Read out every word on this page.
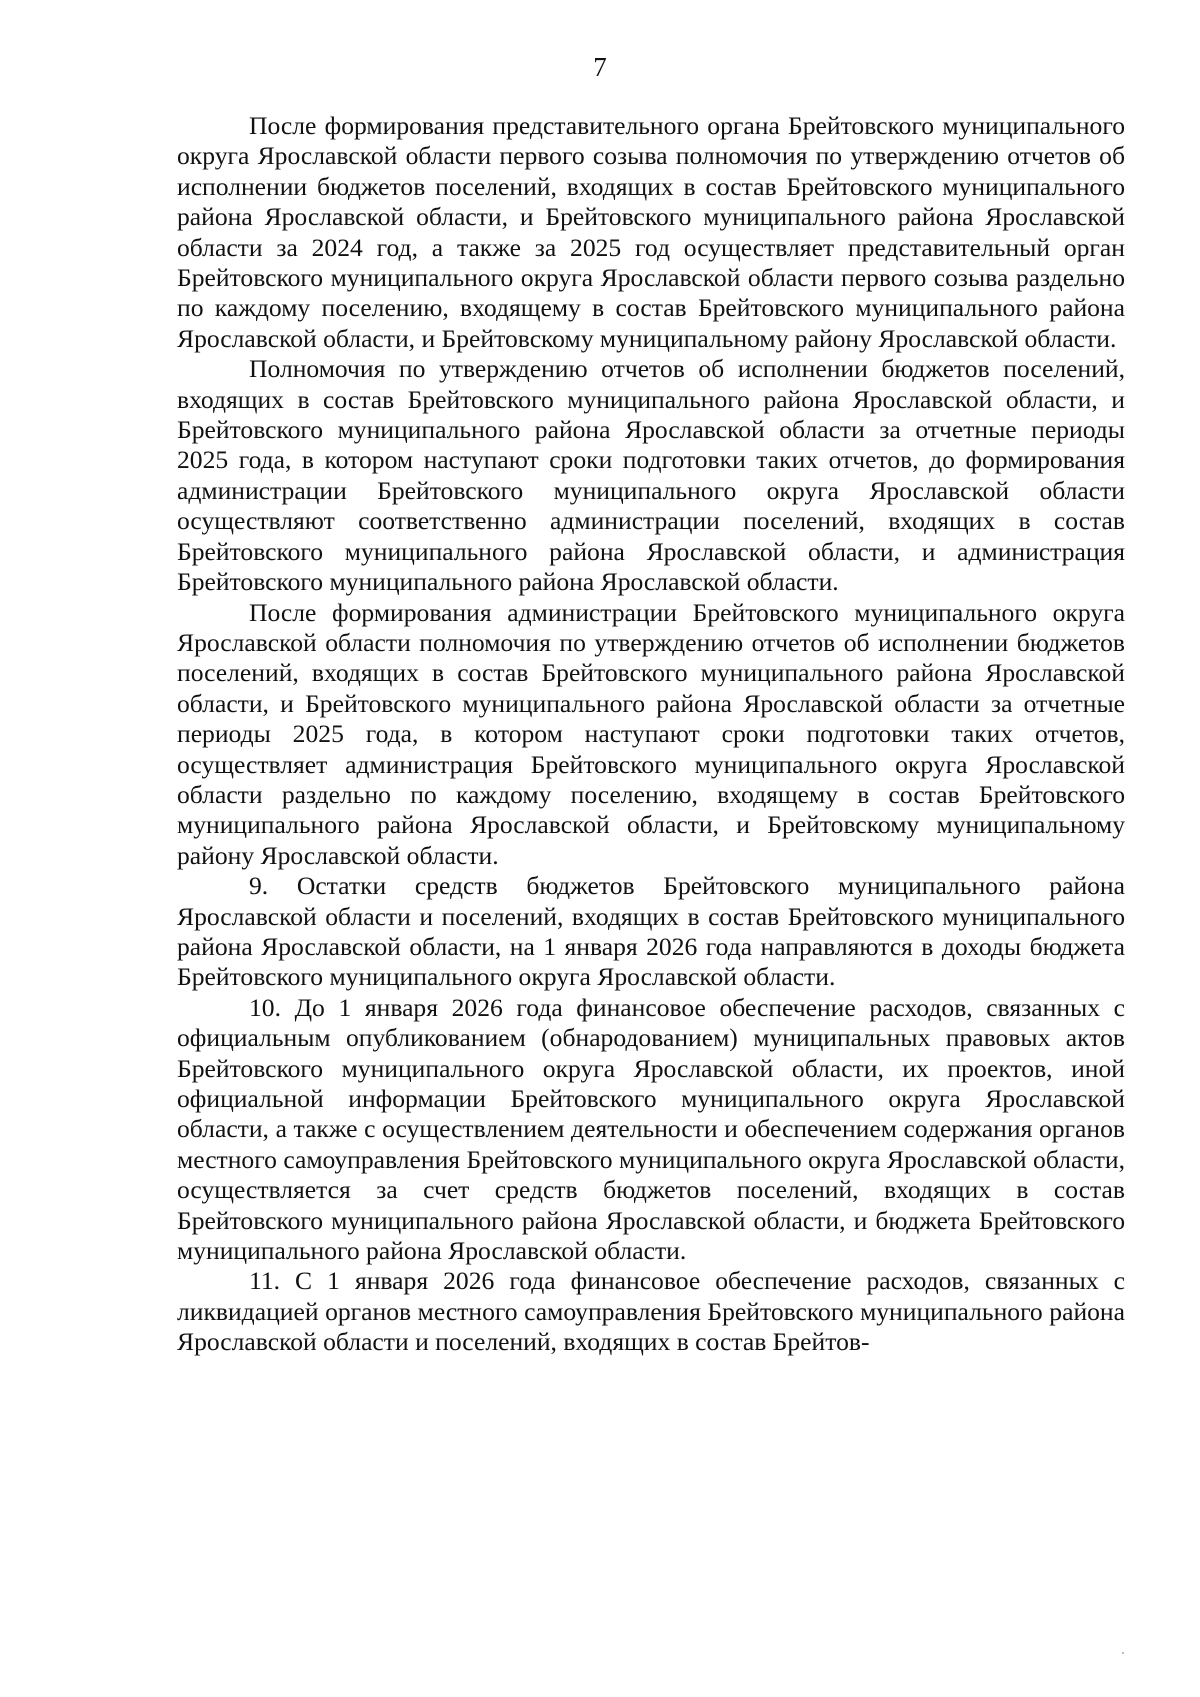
7

После формирования представительного органа Брейтовского муниципального округа Ярославской области первого созыва полномочия по утверждению отчетов об исполнении бюджетов поселений, входящих в состав Брейтовского муниципального района Ярославской области, и Брейтовского муниципального района Ярославской области за 2024 год, а также за 2025 год осуществляет представительный орган Брейтовского муниципального округа Ярославской области первого созыва раздельно по каждому поселению, входящему в состав Брейтовского муниципального района Ярославской области, и Брейтовскому муниципальному району Ярославской области.

Полномочия по утверждению отчетов об исполнении бюджетов поселений, входящих в состав Брейтовского муниципального района Ярославской области, и Брейтовского муниципального района Ярославской области за отчетные периоды 2025 года, в котором наступают сроки подготовки таких отчетов, до формирования администрации Брейтовского муниципального округа Ярославской области осуществляют соответственно администрации поселений, входящих в состав Брейтовского муниципального района Ярославской области, и администрация Брейтовского муниципального района Ярославской области.

После формирования администрации Брейтовского муниципального округа Ярославской области полномочия по утверждению отчетов об исполнении бюджетов поселений, входящих в состав Брейтовского муниципального района Ярославской области, и Брейтовского муниципального района Ярославской области за отчетные периоды 2025 года, в котором наступают сроки подготовки таких отчетов, осуществляет администрация Брейтовского муниципального округа Ярославской области раздельно по каждому поселению, входящему в состав Брейтовского муниципального района Ярославской области, и Брейтовскому муниципальному району Ярославской области.

9. Остатки средств бюджетов Брейтовского муниципального района Ярославской области и поселений, входящих в состав Брейтовского муниципального района Ярославской области, на 1 января 2026 года направляются в доходы бюджета Брейтовского муниципального округа Ярославской области.

10. До 1 января 2026 года финансовое обеспечение расходов, связанных с официальным опубликованием (обнародованием) муниципальных правовых актов Брейтовского муниципального округа Ярославской области, их проектов, иной официальной информации Брейтовского муниципального округа Ярославской области, а также с осуществлением деятельности и обеспечением содержания органов местного самоуправления Брейтовского муниципального округа Ярославской области, осуществляется за счет средств бюджетов поселений, входящих в состав Брейтовского муниципального района Ярославской области, и бюджета Брейтовского муниципального района Ярославской области.

11. С 1 января 2026 года финансовое обеспечение расходов, связанных с ликвидацией органов местного самоуправления Брейтовского муниципального района Ярославской области и поселений, входящих в состав Брейтов-
